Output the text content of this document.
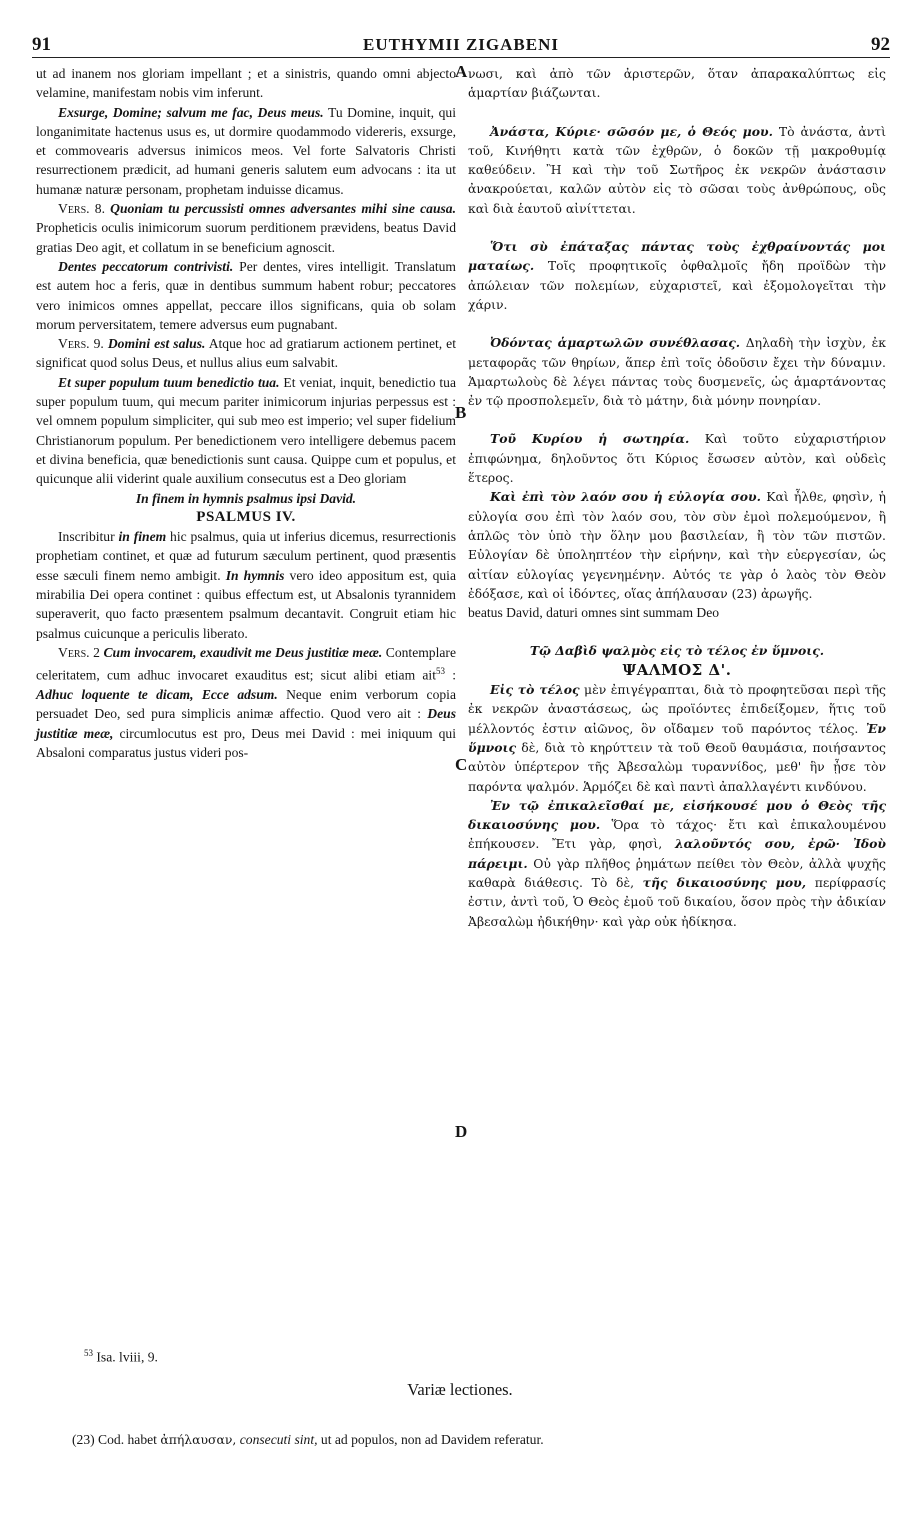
91	EUTHYMII ZIGABENI	92
A
B
C
D

ut ad inanem nos gloriam impellant ; et a sinistris, quando omni abjecto velamine, manifestam nobis vim inferunt.

Exsurge, Domine; salvum me fac, Deus meus. Tu Domine, inquit, qui longanimitate hactenus usus es, ut dormire quodammodo videreris, exsurge, et commovearis adversus inimicos meos. Vel forte Salvatoris Christi resurrectionem prædicit, ad humani generis salutem eum advocans : ita ut humanæ naturæ personam, prophetam induisse dicamus.

Vers. 8. Quoniam tu percussisti omnes adversantes mihi sine causa. Propheticis oculis inimicorum suorum perditionem prævidens, beatus David gratias Deo agit, et collatum in se beneficium agnoscit.

Dentes peccatorum contrivisti. Per dentes, vires intelligit. Translatum est autem hoc a feris, quæ in dentibus summum habent robur; peccatores vero inimicos omnes appellat, peccare illos significans, quia ob solam morum perversitatem, temere adversus eum pugnabant.

Vers. 9. Domini est salus. Atque hoc ad gratiarum actionem pertinet, et significat quod solus Deus, et nullus alius eum salvabit.

Et super populum tuum benedictio tua. Et veniat, inquit, benedictio tua super populum tuum, qui mecum pariter inimicorum injurias perpessus est : vel omnem populum simpliciter, qui sub meo est imperio; vel super fidelium Christianorum populum. Per benedictionem vero intelligere debemus pacem et divina beneficia, quæ benedictionis sunt causa. Quippe cum et populus, et quicunque alii viderint quale auxilium consecutus est a Deo gloriam

In finem in hymnis psalmus ipsi David.

PSALMUS IV.

Inscribitur in finem hic psalmus, quia ut inferius dicemus, resurrectionis prophetiam continet, et quæ ad futurum sæculum pertinent, quod præsentis esse sæculi finem nemo ambigit. In hymnis vero ideo appositum est, quia mirabilia Dei opera continet : quibus effectum est, ut Absalonis tyrannidem superaverit, quo facto præsentem psalmum decantavit. Congruit etiam hic psalmus cuicunque a periculis liberato.

Vers. 2 Cum invocarem, exaudivit me Deus justitiæ meæ. Contemplare celeritatem, cum adhuc invocaret exauditus est; sicut alibi etiam ait$^{53}$ : Adhuc loquente te dicam, Ecce adsum. Neque enim verborum copia persuadet Deo, sed pura simplicis animæ affectio. Quod vero ait : Deus justitiæ meæ, circumlocutus est pro, Deus mei David : mei iniquum qui Absaloni comparatus justus videri pos-

νωσι, καὶ ἀπὸ τῶν ἀριστερῶν, ὅταν ἀπαρακαλύπτως εἰς ἁμαρτίαν βιάζωνται.

Ἀνάστα, Κύριε· σῶσόν με, ὁ Θεός μου. Τὸ ἀνάστα, ἀντὶ τοῦ, Κινήθητι κατὰ τῶν ἐχθρῶν, ὁ δοκῶν τῇ μακροθυμίᾳ καθεύδειν. Ἢ καὶ τὴν τοῦ Σωτῆρος ἐκ νεκρῶν ἀνάστασιν ἀνακρούεται, καλῶν αὐτὸν εἰς τὸ σῶσαι τοὺς ἀνθρώπους, οὓς καὶ διὰ ἑαυτοῦ αἰνίττεται.

Ὅτι σὺ ἐπάταξας πάντας τοὺς ἐχθραίνοντάς μοι ματαίως. Τοῖς προφητικοῖς ὀφθαλμοῖς ἤδη προϊδὼν τὴν ἀπώλειαν τῶν πολεμίων, εὐχαριστεῖ, καὶ ἐξομολογεῖται τὴν χάριν.

Ὀδόντας ἁμαρτωλῶν συνέθλασας. Δηλαδὴ τὴν ἰσχὺν, ἐκ μεταφορᾶς τῶν θηρίων, ἅπερ ἐπὶ τοῖς ὀδοῦσιν ἔχει τὴν δύναμιν. Ἁμαρτωλοὺς δὲ λέγει πάντας τοὺς δυσμενεῖς, ὡς ἁμαρτάνοντας ἐν τῷ προσπολεμεῖν, διὰ τὸ μάτην, διὰ μόνην πονηρίαν.

Τοῦ Κυρίου ἡ σωτηρία. Καὶ τοῦτο εὐχαριστήριον ἐπιφώνημα, δηλοῦντος ὅτι Κύριος ἔσωσεν αὐτὸν, καὶ οὐδεὶς ἕτερος.

Καὶ ἐπὶ τὸν λαόν σου ἡ εὐλογία σου. Καὶ ἦλθε, φησὶν, ἡ εὐλογία σου ἐπὶ τὸν λαόν σου, τὸν σὺν ἐμοὶ πολεμούμενον, ἢ ἁπλῶς τὸν ὑπὸ τὴν ὅλην μου βασιλείαν, ἢ τὸν τῶν πιστῶν. Εὐλογίαν δὲ ὑποληπτέον τὴν εἰρήνην, καὶ τὴν εὐεργεσίαν, ὡς αἰτίαν εὐλογίας γεγενημένην. Αὐτός τε γὰρ ὁ λαὸς τὸν Θεὸν ἐδόξασε, καὶ οἱ ἰδόντες, οἵας ἀπήλαυσαν (23) ἀρωγῆς.

beatus David, daturi omnes sint summam Deo

Τῷ Δαβὶδ ψαλμὸς εἰς τὸ τέλος ἐν ὕμνοις.

ΨΑΛΜΟΣ Δ'.

Εἰς τὸ τέλος μὲν ἐπιγέγραπται, διὰ τὸ προφητεῦσαι περὶ τῆς ἐκ νεκρῶν ἀναστάσεως, ὡς προϊόντες ἐπιδείξομεν, ἥτις τοῦ μέλλοντός ἐστιν αἰῶνος, ὃν οἴδαμεν τοῦ παρόντος τέλος. Ἐν ὕμνοις δὲ, διὰ τὸ κηρύττειν τὰ τοῦ Θεοῦ θαυμάσια, ποιήσαντος αὐτὸν ὑπέρτερον τῆς Ἀβεσαλὼμ τυραννίδος, μεθ' ἣν ᾖσε τὸν παρόντα ψαλμόν. Ἁρμόζει δὲ καὶ παντὶ ἀπαλλαγέντι κινδύνου.

Ἐν τῷ ἐπικαλεῖσθαί με, εἰσήκουσέ μου ὁ Θεὸς τῆς δικαιοσύνης μου. Ὅρα τὸ τάχος· ἔτι καὶ ἐπικαλουμένου ἐπήκουσεν. Ἔτι γὰρ, φησὶ, λαλοῦντός σου, ἐρῶ· Ἰδοὺ πάρειμι. Οὐ γὰρ πλῆθος ῥημάτων πείθει τὸν Θεὸν, ἀλλὰ ψυχῆς καθαρὰ διάθεσις. Τὸ δὲ, τῆς δικαιοσύνης μου, περίφρασίς ἐστιν, ἀντὶ τοῦ, Ὁ Θεὸς ἐμοῦ τοῦ δικαίου, ὅσον πρὸς τὴν ἀδικίαν Ἀβεσαλὼμ ἠδικήθην· καὶ γὰρ οὐκ ἠδίκησα.

$^{53}$ Isa. lviii, 9.
Variæ lectiones.
(23) Cod. habet ἀπήλαυσαν, consecuti sint, ut ad populos, non ad Davidem referatur.
